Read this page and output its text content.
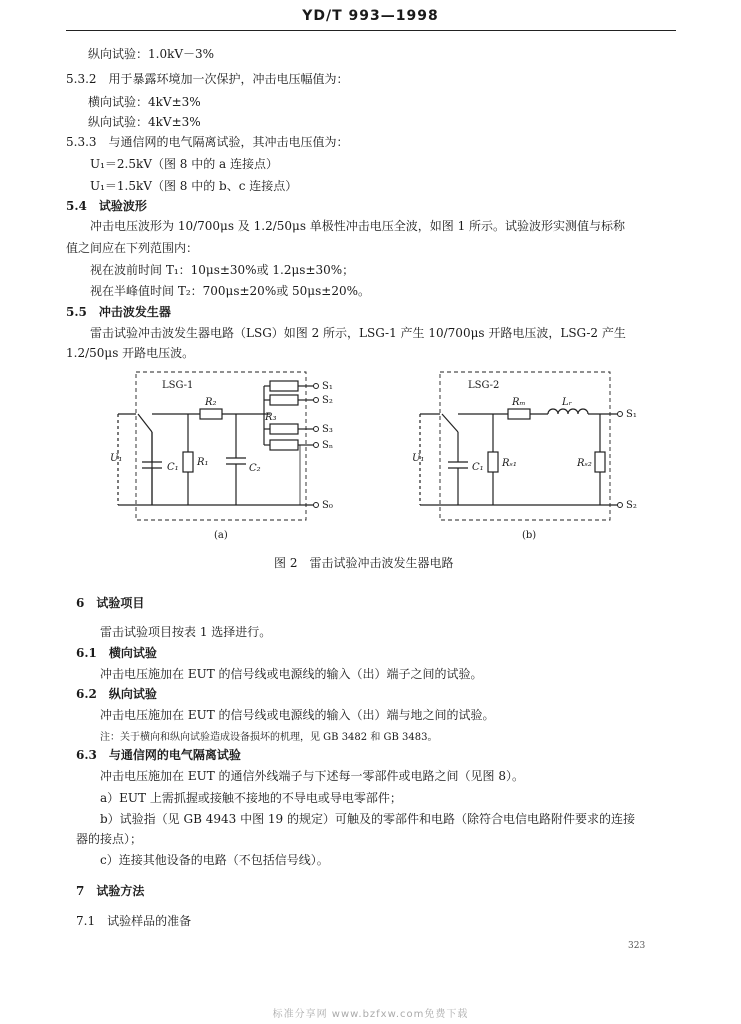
YD/T 993—1998
纵向试验：1.0kV－3%
5.3.2　用于暴露环境加一次保护，冲击电压幅值为：
横向试验：4kV±3%
纵向试验：4kV±3%
5.3.3　与通信网的电气隔离试验，其冲击电压值为：
U₁＝2.5kV（图 8 中的 a 连接点）
U₁＝1.5kV（图 8 中的 b、c 连接点）
5.4　试验波形
冲击电压波形为 10/700μs 及 1.2/50μs 单极性冲击电压全波，如图 1 所示。试验波形实测值与标称
值之间应在下列范围内：
视在波前时间 T₁：10μs±30%或 1.2μs±30%；
视在半峰值时间 T₂：700μs±20%或 50μs±20%。
5.5　冲击波发生器
雷击试验冲击波发生器电路（LSG）如图 2 所示，LSG-1 产生 10/700μs 开路电压波，LSG-2 产生
1.2/50μs 开路电压波。
LSG-1
U₁
C₁ R₁
R₂
C₂
R₃
S₁
S₂
S₃
Sₙ
S₀
(a)
LSG-2
U₁
C₁
Rₘ	Lᵣ
Rₛ₁	Rₛ₂
S₁
S₂
(b)
图 2　雷击试验冲击波发生器电路
6　试验项目
雷击试验项目按表 1 选择进行。
6.1　横向试验
冲击电压施加在 EUT 的信号线或电源线的输入（出）端子之间的试验。
6.2　纵向试验
冲击电压施加在 EUT 的信号线或电源线的输入（出）端与地之间的试验。
注：关于横向和纵向试验造成设备损坏的机理，见 GB 3482 和 GB 3483。
6.3　与通信网的电气隔离试验
冲击电压施加在 EUT 的通信外线端子与下述每一零部件或电路之间（见图 8）。
a）EUT 上需抓握或接触不接地的不导电或导电零部件；
b）试验指（见 GB 4943 中图 19 的规定）可触及的零部件和电路（除符合电信电路附件要求的连接
器的接点）；
c）连接其他设备的电路（不包括信号线）。
7　试验方法
7.1　试验样品的准备
323
标准分享网 www.bzfxw.com免费下载
